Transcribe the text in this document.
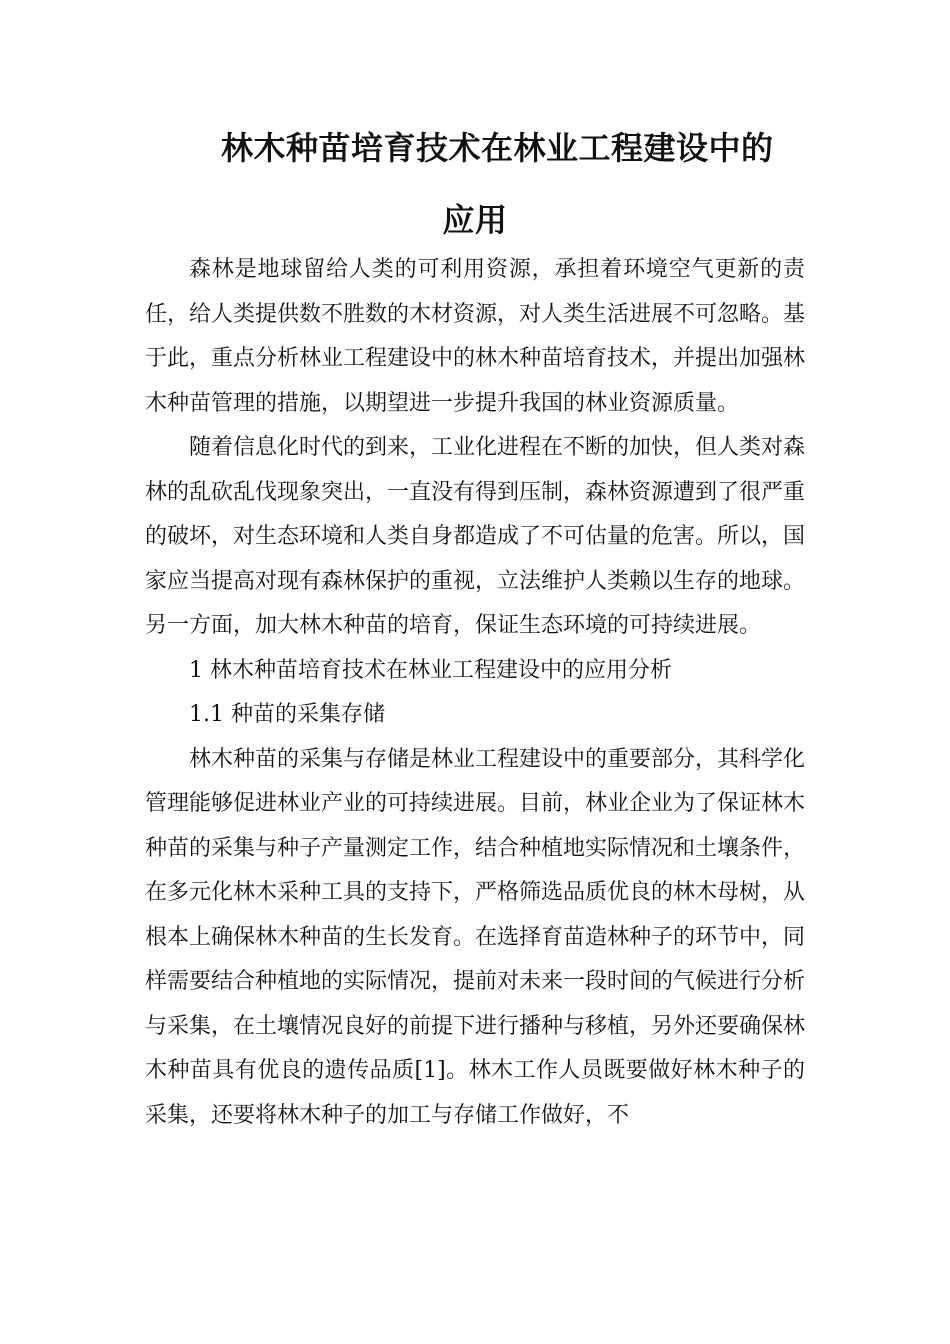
林木种苗培育技术在林业工程建设中的
应用

森林是地球留给人类的可利用资源，承担着环境空气更新的责任，给人类提供数不胜数的木材资源，对人类生活进展不可忽略。基于此，重点分析林业工程建设中的林木种苗培育技术，并提出加强林木种苗管理的措施，以期望进一步提升我国的林业资源质量。

随着信息化时代的到来，工业化进程在不断的加快，但人类对森林的乱砍乱伐现象突出，一直没有得到压制，森林资源遭到了很严重的破坏，对生态环境和人类自身都造成了不可估量的危害。所以，国家应当提高对现有森林保护的重视，立法维护人类赖以生存的地球。另一方面，加大林木种苗的培育，保证生态环境的可持续进展。

1 林木种苗培育技术在林业工程建设中的应用分析

1.1 种苗的采集存储

林木种苗的采集与存储是林业工程建设中的重要部分，其科学化管理能够促进林业产业的可持续进展。目前，林业企业为了保证林木种苗的采集与种子产量测定工作，结合种植地实际情况和土壤条件，在多元化林木采种工具的支持下，严格筛选品质优良的林木母树，从根本上确保林木种苗的生长发育。在选择育苗造林种子的环节中，同样需要结合种植地的实际情况，提前对未来一段时间的气候进行分析与采集，在土壤情况良好的前提下进行播种与移植，另外还要确保林木种苗具有优良的遗传品质[1]。林木工作人员既要做好林木种子的采集，还要将林木种子的加工与存储工作做好，不
